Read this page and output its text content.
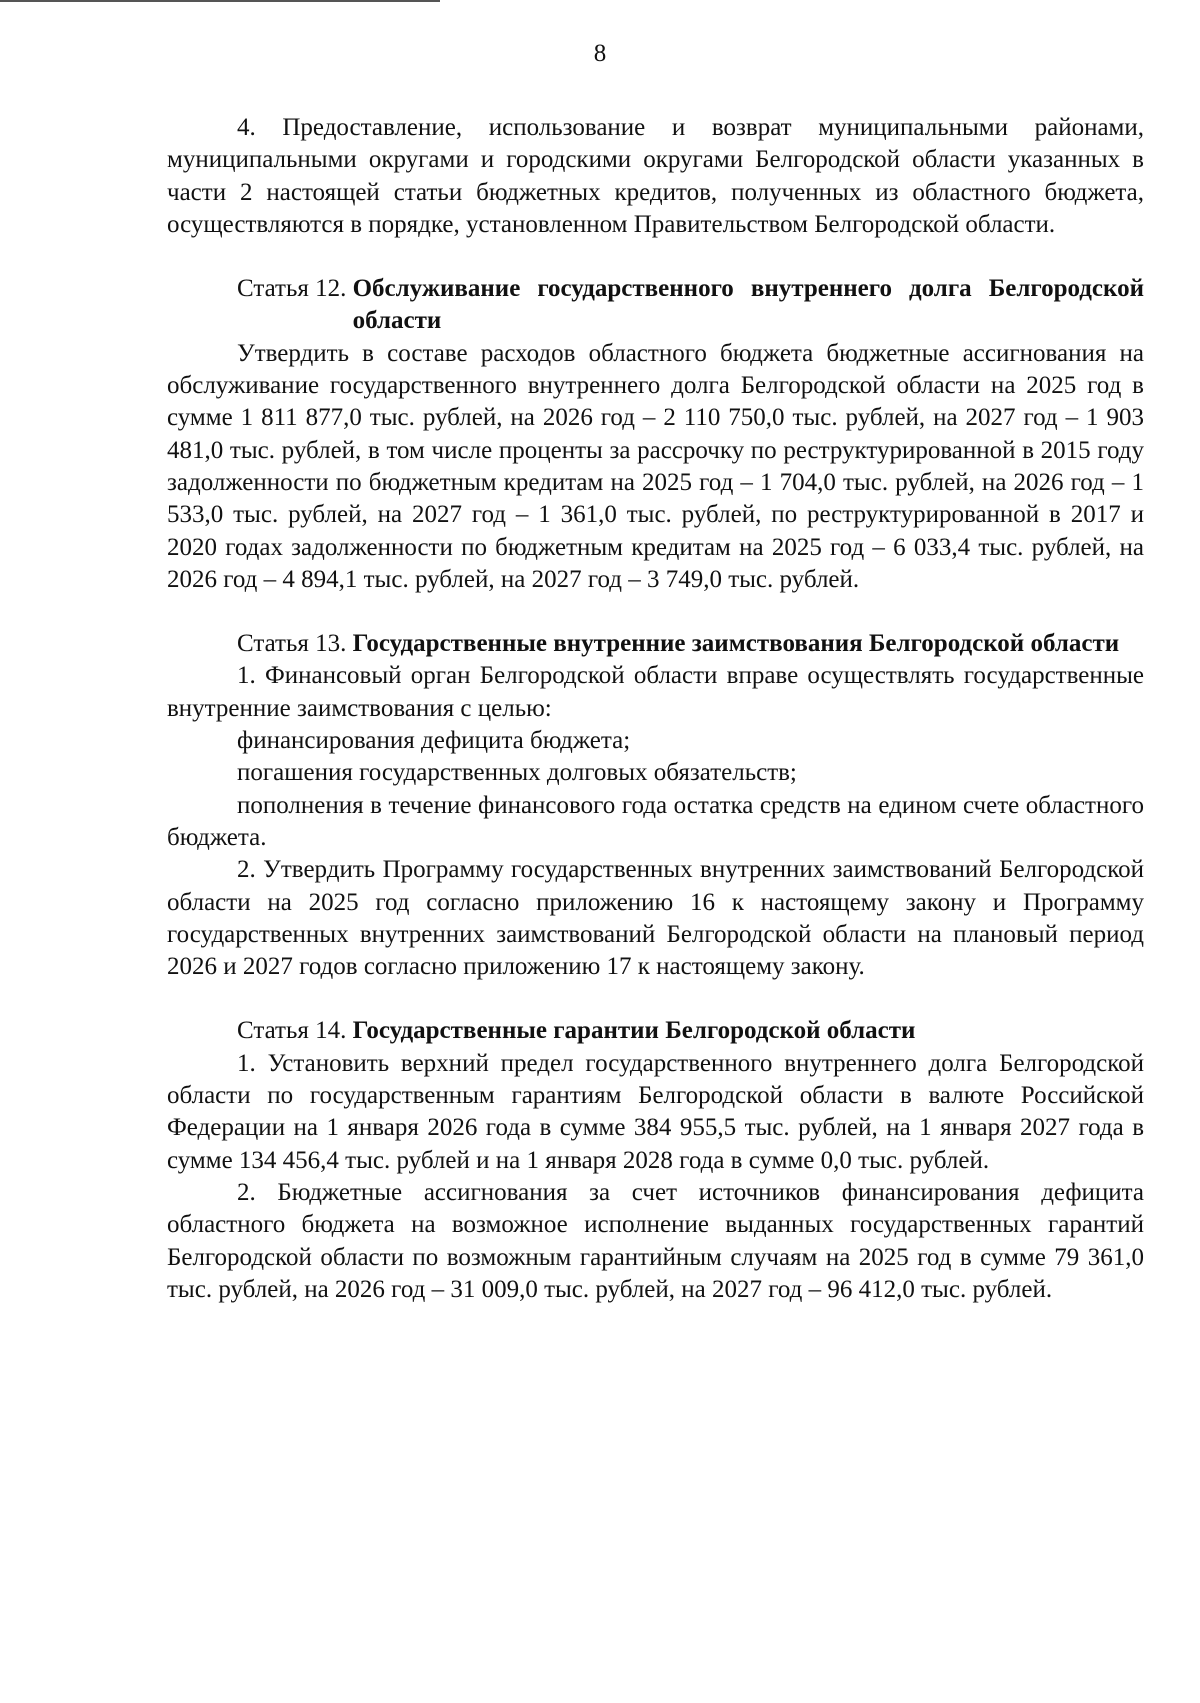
8

4. Предоставление, использование и возврат муниципальными районами, муниципальными округами и городскими округами Белгородской области указанных в части 2 настоящей статьи бюджетных кредитов, полученных из областного бюджета, осуществляются в порядке, установленном Правительством Белгородской области.

Статья 12. Обслуживание государственного внутреннего долга Белгородской области

Утвердить в составе расходов областного бюджета бюджетные ассигнования на обслуживание государственного внутреннего долга Белгородской области на 2025 год в сумме 1 811 877,0 тыс. рублей, на 2026 год – 2 110 750,0 тыс. рублей, на 2027 год – 1 903 481,0 тыс. рублей, в том числе проценты за рассрочку по реструктурированной в 2015 году задолженности по бюджетным кредитам на 2025 год – 1 704,0 тыс. рублей, на 2026 год – 1 533,0 тыс. рублей, на 2027 год – 1 361,0 тыс. рублей, по реструктурированной в 2017 и 2020 годах задолженности по бюджетным кредитам на 2025 год – 6 033,4 тыс. рублей, на 2026 год – 4 894,1 тыс. рублей, на 2027 год – 3 749,0 тыс. рублей.

Статья 13. Государственные внутренние заимствования Белгородской области

1. Финансовый орган Белгородской области вправе осуществлять государственные внутренние заимствования с целью:

финансирования дефицита бюджета;

погашения государственных долговых обязательств;

пополнения в течение финансового года остатка средств на едином счете областного бюджета.

2. Утвердить Программу государственных внутренних заимствований Белгородской области на 2025 год согласно приложению 16 к настоящему закону и Программу государственных внутренних заимствований Белгородской области на плановый период 2026 и 2027 годов согласно приложению 17 к настоящему закону.

Статья 14. Государственные гарантии Белгородской области

1. Установить верхний предел государственного внутреннего долга Белгородской области по государственным гарантиям Белгородской области в валюте Российской Федерации на 1 января 2026 года в сумме 384 955,5 тыс. рублей, на 1 января 2027 года в сумме 134 456,4 тыс. рублей и на 1 января 2028 года в сумме 0,0 тыс. рублей.

2. Бюджетные ассигнования за счет источников финансирования дефицита областного бюджета на возможное исполнение выданных государственных гарантий Белгородской области по возможным гарантийным случаям на 2025 год в сумме 79 361,0 тыс. рублей, на 2026 год – 31 009,0 тыс. рублей, на 2027 год – 96 412,0 тыс. рублей.
